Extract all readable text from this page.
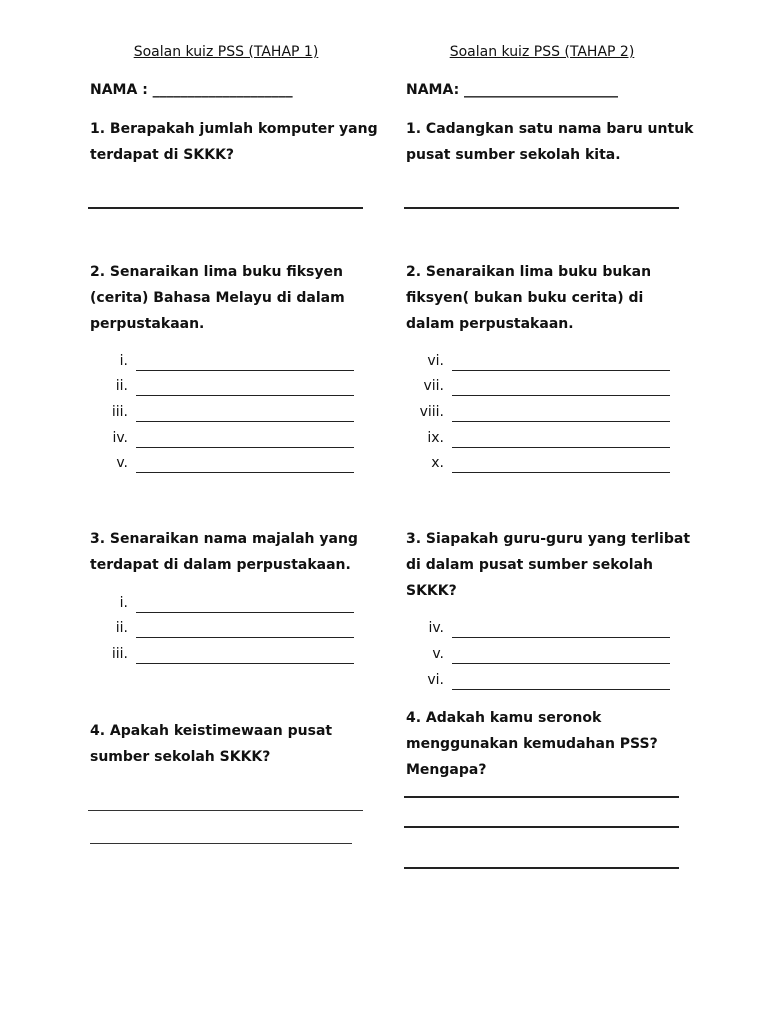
Soalan kuiz PSS (TAHAP 1)
NAMA : ____________________
1. Berapakah jumlah komputer yang terdapat di SKKK?
2. Senaraikan lima buku fiksyen (cerita) Bahasa Melayu di dalam perpustakaan.
i.
ii.
iii.
iv.
v.
3. Senaraikan nama majalah yang terdapat di dalam perpustakaan.
i.
ii.
iii.
4. Apakah keistimewaan pusat sumber sekolah SKKK?
Soalan kuiz PSS (TAHAP 2)
NAMA: ______________________
1. Cadangkan satu nama baru untuk pusat sumber sekolah kita.
2. Senaraikan lima buku bukan fiksyen( bukan buku cerita) di dalam perpustakaan.
vi.
vii.
viii.
ix.
x.
3. Siapakah guru-guru yang terlibat di dalam pusat sumber sekolah SKKK?
iv.
v.
vi.
4. Adakah kamu seronok menggunakan kemudahan PSS? Mengapa?
